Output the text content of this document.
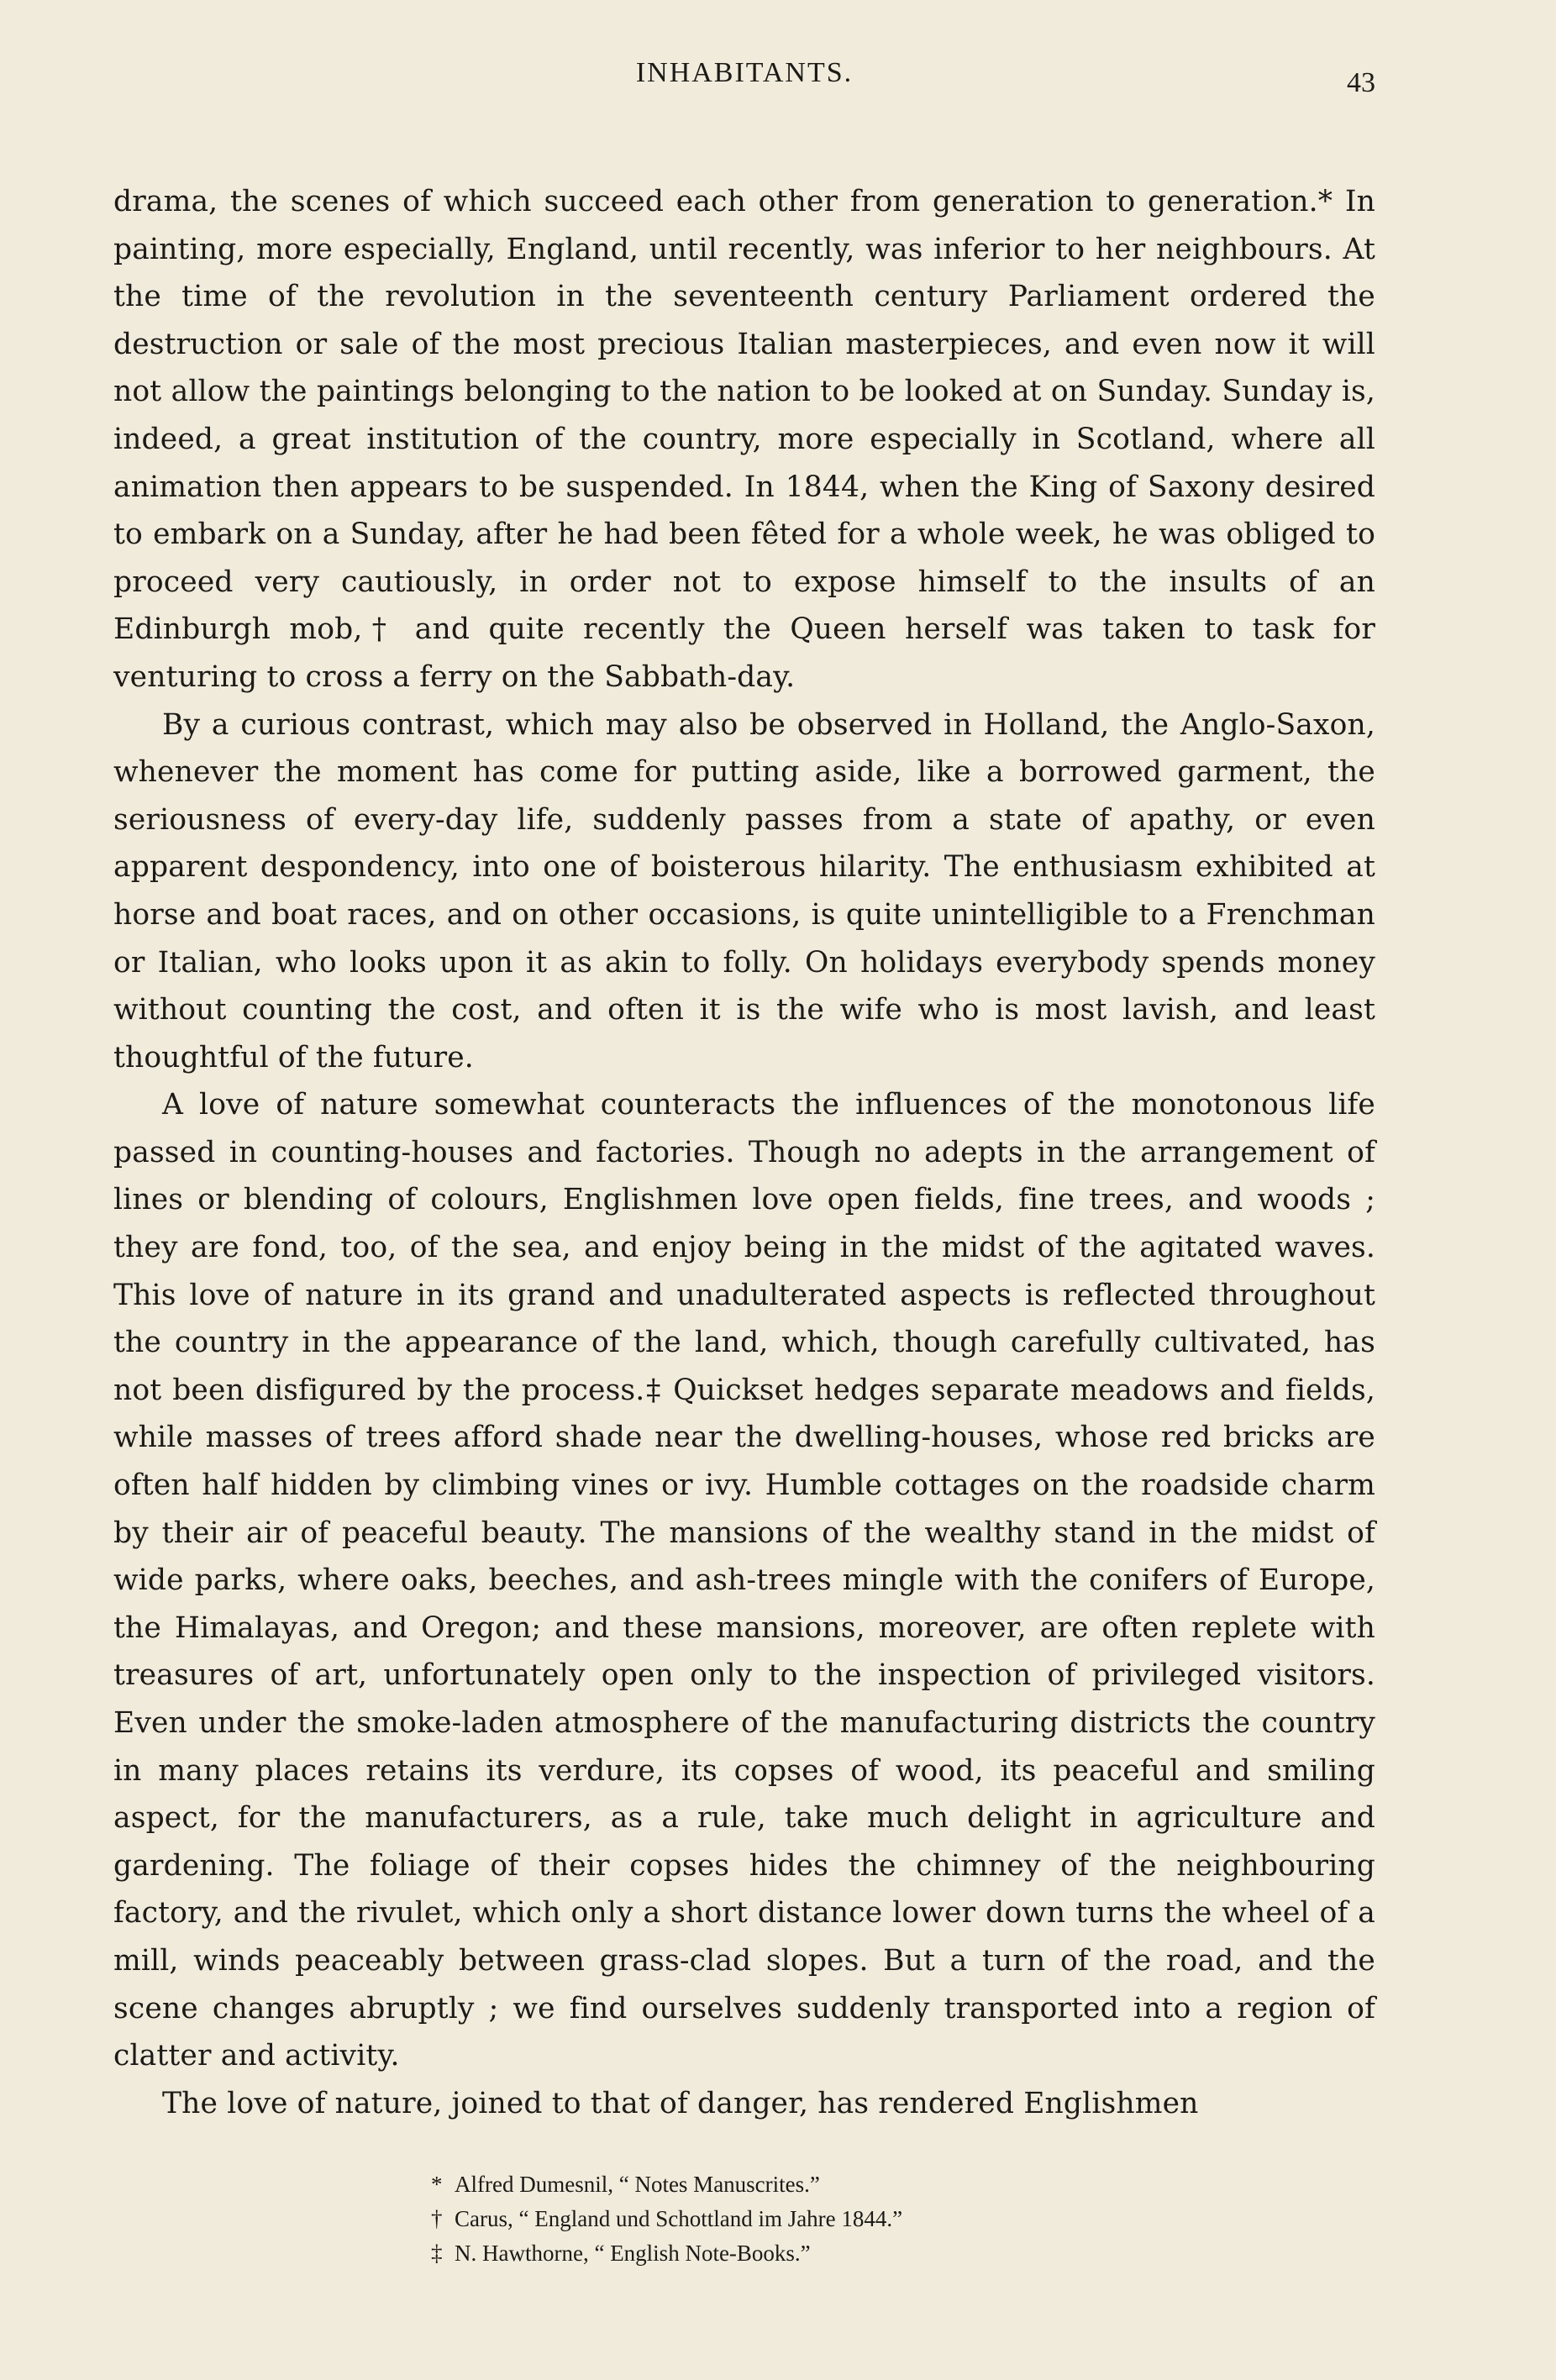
INHABITANTS.	43

drama, the scenes of which succeed each other from generation to generation.* In painting, more especially, England, until recently, was inferior to her neighbours. At the time of the revolution in the seventeenth century Parliament ordered the destruction or sale of the most precious Italian masterpieces, and even now it will not allow the paintings belonging to the nation to be looked at on Sunday. Sunday is, indeed, a great institution of the country, more especially in Scotland, where all animation then appears to be suspended. In 1844, when the King of Saxony desired to embark on a Sunday, after he had been fêted for a whole week, he was obliged to proceed very cautiously, in order not to expose himself to the insults of an Edinburgh mob,† and quite recently the Queen herself was taken to task for venturing to cross a ferry on the Sabbath-day.

By a curious contrast, which may also be observed in Holland, the Anglo-Saxon, whenever the moment has come for putting aside, like a borrowed garment, the seriousness of every-day life, suddenly passes from a state of apathy, or even apparent despondency, into one of boisterous hilarity. The enthusiasm exhibited at horse and boat races, and on other occasions, is quite unintelligible to a Frenchman or Italian, who looks upon it as akin to folly. On holidays everybody spends money without counting the cost, and often it is the wife who is most lavish, and least thoughtful of the future.

A love of nature somewhat counteracts the influences of the monotonous life passed in counting-houses and factories. Though no adepts in the arrangement of lines or blending of colours, Englishmen love open fields, fine trees, and woods ; they are fond, too, of the sea, and enjoy being in the midst of the agitated waves. This love of nature in its grand and unadulterated aspects is reflected throughout the country in the appearance of the land, which, though carefully cultivated, has not been disfigured by the process.‡ Quickset hedges separate meadows and fields, while masses of trees afford shade near the dwelling-houses, whose red bricks are often half hidden by climbing vines or ivy. Humble cottages on the roadside charm by their air of peaceful beauty. The mansions of the wealthy stand in the midst of wide parks, where oaks, beeches, and ash-trees mingle with the conifers of Europe, the Himalayas, and Oregon; and these mansions, moreover, are often replete with treasures of art, unfortunately open only to the inspection of privileged visitors. Even under the smoke-laden atmosphere of the manufacturing districts the country in many places retains its verdure, its copses of wood, its peaceful and smiling aspect, for the manufacturers, as a rule, take much delight in agriculture and gardening. The foliage of their copses hides the chimney of the neighbouring factory, and the rivulet, which only a short distance lower down turns the wheel of a mill, winds peaceably between grass-clad slopes. But a turn of the road, and the scene changes abruptly ; we find ourselves suddenly transported into a region of clatter and activity.

The love of nature, joined to that of danger, has rendered Englishmen

* Alfred Dumesnil, “ Notes Manuscrites.”
† Carus, “ England und Schottland im Jahre 1844.”
‡ N. Hawthorne, “ English Note-Books.”
